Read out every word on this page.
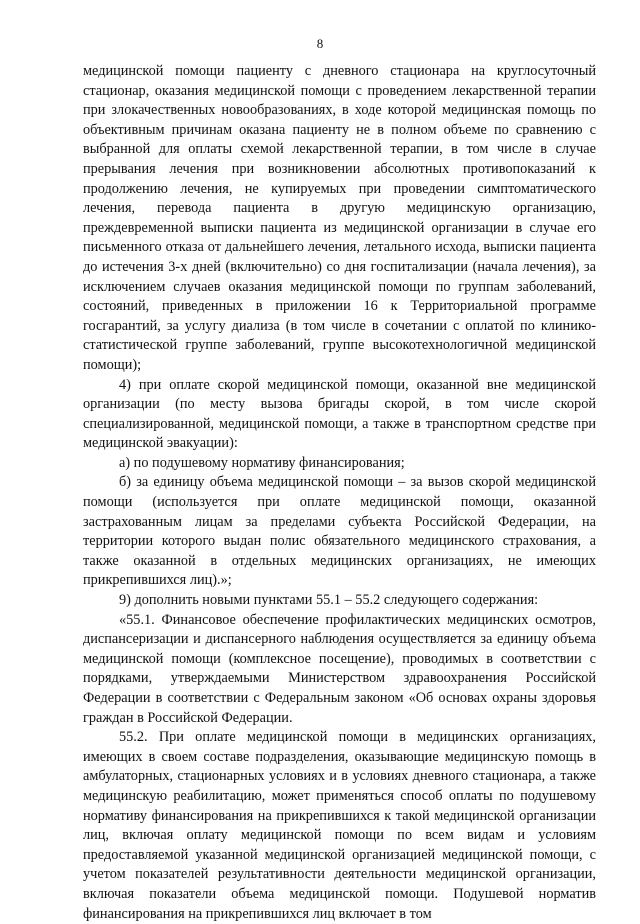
8

медицинской помощи пациенту с дневного стационара на круглосуточный стационар, оказания медицинской помощи с проведением лекарственной терапии при злокачественных новообразованиях, в ходе которой медицинская помощь по объективным причинам оказана пациенту не в полном объеме по сравнению с выбранной для оплаты схемой лекарственной терапии, в том числе в случае прерывания лечения при возникновении абсолютных противопоказаний к продолжению лечения, не купируемых при проведении симптоматического лечения, перевода пациента в другую медицинскую организацию, преждевременной выписки пациента из медицинской организации в случае его письменного отказа от дальнейшего лечения, летального исхода, выписки пациента до истечения 3-х дней (включительно) со дня госпитализации (начала лечения), за исключением случаев оказания медицинской помощи по группам заболеваний, состояний, приведенных в приложении 16 к Территориальной программе госгарантий, за услугу диализа (в том числе в сочетании с оплатой по клинико-статистической группе заболеваний, группе высокотехнологичной медицинской помощи);

4) при оплате скорой медицинской помощи, оказанной вне медицинской организации (по месту вызова бригады скорой, в том числе скорой специализированной, медицинской помощи, а также в транспортном средстве при медицинской эвакуации):

а) по подушевому нормативу финансирования;

б) за единицу объема медицинской помощи – за вызов скорой медицинской помощи (используется при оплате медицинской помощи, оказанной застрахованным лицам за пределами субъекта Российской Федерации, на территории которого выдан полис обязательного медицинского страхования, а также оказанной в отдельных медицинских организациях, не имеющих прикрепившихся лиц).»;

9) дополнить новыми пунктами 55.1 – 55.2 следующего содержания:

«55.1. Финансовое обеспечение профилактических медицинских осмотров, диспансеризации и диспансерного наблюдения осуществляется за единицу объема медицинской помощи (комплексное посещение), проводимых в соответствии с порядками, утверждаемыми Министерством здравоохранения Российской Федерации в соответствии с Федеральным законом «Об основах охраны здоровья граждан в Российской Федерации.

55.2. При оплате медицинской помощи в медицинских организациях, имеющих в своем составе подразделения, оказывающие медицинскую помощь в амбулаторных, стационарных условиях и в условиях дневного стационара, а также медицинскую реабилитацию, может применяться способ оплаты по подушевому нормативу финансирования на прикрепившихся к такой медицинской организации лиц, включая оплату медицинской помощи по всем видам и условиям предоставляемой указанной медицинской организацией медицинской помощи, с учетом показателей результативности деятельности медицинской организации, включая показатели объема медицинской помощи. Подушевой норматив финансирования на прикрепившихся лиц включает в том
